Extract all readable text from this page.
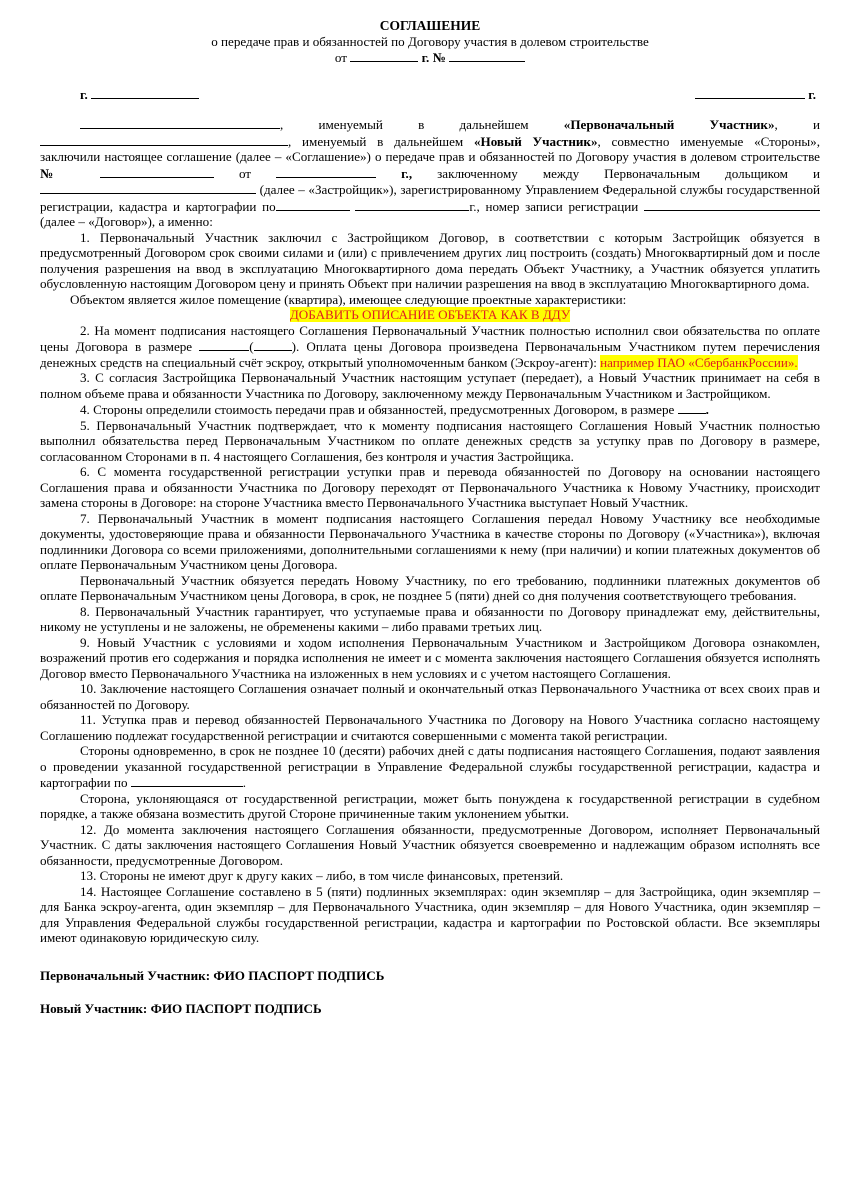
СОГЛАШЕНИЕ

о передаче прав и обязанностей по Договору участия в долевом строительстве

от	г. №

г.	г.

, именуемый в дальнейшем	«Первоначальный Участник», и , именуемый в дальнейшем «Новый Участник», совместно именуемые «Стороны», заключили настоящее соглашение (далее – «Соглашение») о передаче прав и обязанностей по Договору участия в долевом строительстве №	от	г., заключенному между Первоначальным дольщиком и  (далее – «Застройщик»), зарегистрированному Управлением Федеральной службы государственной регистрации, кадастра и картографии по	г., номер записи регистрации  (далее – «Договор»), а именно:

1. Первоначальный Участник заключил с Застройщиком Договор, в соответствии с которым Застройщик обязуется в предусмотренный Договором срок своими силами и (или) с привлечением других лиц построить (создать) Многоквартирный дом и после получения разрешения на ввод в эксплуатацию Многоквартирного дома передать Объект Участнику, а Участник обязуется уплатить обусловленную настоящим Договором цену и принять Объект при наличии разрешения на ввод в эксплуатацию Многоквартирного дома.

Объектом является жилое помещение (квартира), имеющее следующие проектные характеристики:

ДОБАВИТЬ ОПИСАНИЕ ОБЪЕКТА КАК В ДДУ

2. На момент подписания настоящего Соглашения Первоначальный Участник полностью исполнил свои обязательства по оплате цены Договора в размере	(	). Оплата цены Договора произведена Первоначальным Участником путем перечисления денежных средств на специальный счёт эскроу, открытый уполномоченным банком (Эскроу-агент): например ПАО «СбербанкРоссии».

3. С согласия Застройщика Первоначальный Участник настоящим уступает (передает), а Новый Участник принимает на себя в полном объеме права и обязанности Участника по Договору, заключенному между Первоначальным Участником и Застройщиком.

4. Стороны определили стоимость передачи прав и обязанностей, предусмотренных Договором, в размере .

5. Первоначальный Участник подтверждает, что к моменту подписания настоящего Соглашения Новый Участник полностью выполнил обязательства перед Первоначальным Участником по оплате денежных средств за уступку прав по Договору в размере, согласованном Сторонами в п. 4 настоящего Соглашения, без контроля и участия Застройщика.

6. С момента государственной регистрации уступки прав и перевода обязанностей по Договору на основании настоящего Соглашения права и обязанности Участника по Договору переходят от Первоначального Участника к Новому Участнику, происходит замена стороны в Договоре: на стороне Участника вместо Первоначального Участника выступает Новый Участник.

7. Первоначальный Участник в момент подписания настоящего Соглашения передал Новому Участнику все необходимые документы, удостоверяющие права и обязанности Первоначального Участника в качестве стороны по Договору («Участника»), включая подлинники Договора со всеми приложениями, дополнительными соглашениями к нему (при наличии) и копии платежных документов об оплате Первоначальным Участником цены Договора.

Первоначальный Участник обязуется передать Новому Участнику, по его требованию, подлинники платежных документов об оплате Первоначальным Участником цены Договора, в срок, не позднее 5 (пяти) дней со дня получения соответствующего требования.

8. Первоначальный Участник гарантирует, что уступаемые права и обязанности по Договору принадлежат ему, действительны, никому не уступлены и не заложены, не обременены какими – либо правами третьих лиц.

9. Новый Участник с условиями и ходом исполнения Первоначальным Участником и Застройщиком Договора ознакомлен, возражений против его содержания и порядка исполнения не имеет и с момента заключения настоящего Соглашения обязуется исполнять Договор вместо Первоначального Участника на изложенных в нем условиях и с учетом настоящего Соглашения.

10. Заключение настоящего Соглашения означает полный и окончательный отказ Первоначального Участника от всех своих прав и обязанностей по Договору.

11. Уступка прав и перевод обязанностей Первоначального Участника по Договору на Нового Участника согласно настоящему Соглашению подлежат государственной регистрации и считаются совершенными с момента такой регистрации.

Стороны одновременно, в срок не позднее 10 (десяти) рабочих дней с даты подписания настоящего Соглашения, подают заявления о проведении указанной государственной регистрации в Управление Федеральной службы государственной регистрации, кадастра и картографии по	.

Сторона, уклоняющаяся от государственной регистрации, может быть понуждена к государственной регистрации в судебном порядке, а также обязана возместить другой Стороне причиненные таким уклонением убытки.

12. До момента заключения настоящего Соглашения обязанности, предусмотренные Договором, исполняет Первоначальный Участник. С даты заключения настоящего Соглашения Новый Участник обязуется своевременно и надлежащим образом исполнять все обязанности, предусмотренные Договором.

13. Стороны не имеют друг к другу каких – либо, в том числе финансовых, претензий.

14. Настоящее Соглашение составлено в 5 (пяти) подлинных экземплярах: один экземпляр – для Застройщика, один экземпляр – для Банка эскроу-агента, один экземпляр – для Первоначального Участника, один экземпляр – для Нового Участника, один экземпляр – для Управления Федеральной службы государственной регистрации, кадастра и картографии по Ростовской области. Все экземпляры имеют одинаковую юридическую силу.

Первоначальный Участник: ФИО ПАСПОРТ ПОДПИСЬ

Новый Участник: ФИО ПАСПОРТ ПОДПИСЬ
